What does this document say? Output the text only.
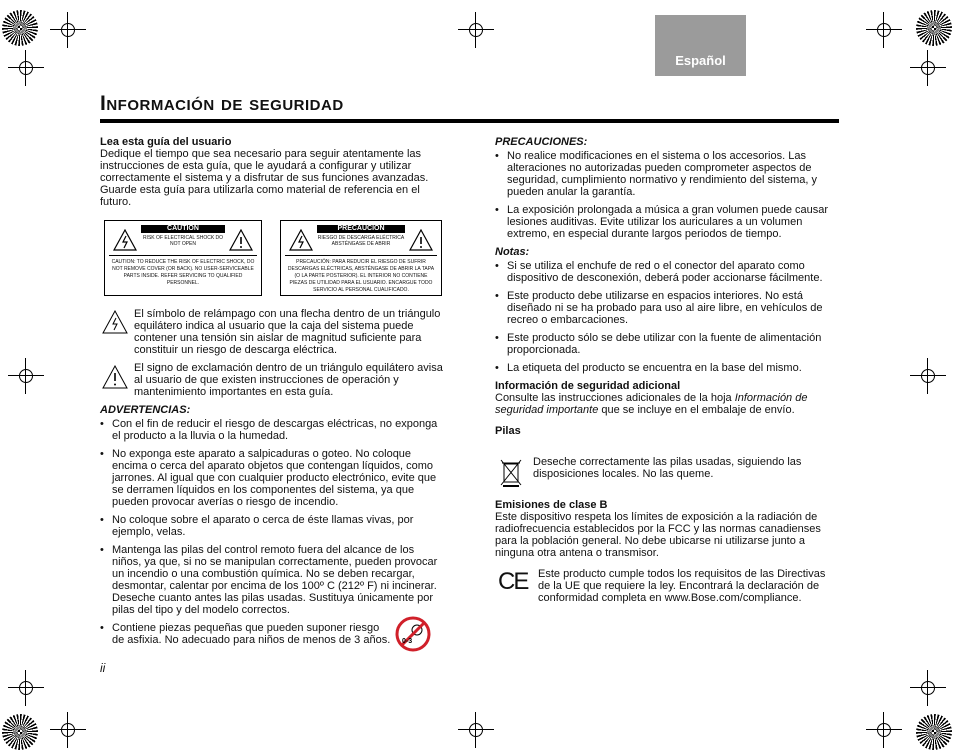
Español
Información de seguridad

Lea esta guía del usuario

Dedique el tiempo que sea necesario para seguir atentamente las instrucciones de esta guía, que le ayudará a configurar y utilizar correctamente el sistema y a disfrutar de sus funciones avanzadas. Guarde esta guía para utilizarla como material de referencia en el futuro.

CAUTION
RISK OF ELECTRICAL SHOCK DO NOT OPEN
CAUTION: TO REDUCE THE RISK OF ELECTRIC SHOCK, DO NOT REMOVE COVER (OR BACK). NO USER-SERVICEABLE PARTS INSIDE. REFER SERVICING TO QUALIFIED PERSONNEL.
PRECAUCIÓN
RIESGO DE DESCARGA ELÉCTRICA ABSTÉNGASE DE ABRIR
PRECAUCIÓN: PARA REDUCIR EL RIESGO DE SUFRIR DESCARGAS ELÉCTRICAS, ABSTÉNGASE DE ABRIR LA TAPA (O LA PARTE POSTERIOR). EL INTERIOR NO CONTIENE PIEZAS DE UTILIDAD PARA EL USUARIO. ENCARGUE TODO SERVICIO AL PERSONAL CUALIFICADO.

El símbolo de relámpago con una flecha dentro de un triángulo equilátero indica al usuario que la caja del sistema puede contener una tensión sin aislar de magnitud suficiente para constituir un riesgo de descarga eléctrica.

El signo de exclamación dentro de un triángulo equilátero avisa al usuario de que existen instrucciones de operación y mantenimiento importantes en esta guía.

ADVERTENCIAS:

• Con el fin de reducir el riesgo de descargas eléctricas, no exponga el producto a la lluvia o la humedad.
• No exponga este aparato a salpicaduras o goteo. No coloque encima o cerca del aparato objetos que contengan líquidos, como jarrones. Al igual que con cualquier producto electrónico, evite que se derramen líquidos en los componentes del sistema, ya que pueden provocar averías o riesgo de incendio.
• No coloque sobre el aparato o cerca de éste llamas vivas, por ejemplo, velas.
• Mantenga las pilas del control remoto fuera del alcance de los niños, ya que, si no se manipulan correctamente, pueden provocar un incendio o una combustión química. No se deben recargar, desmontar, calentar por encima de los 100º C (212º F) ni incinerar. Deseche cuanto antes las pilas usadas. Sustituya únicamente por pilas del tipo y del modelo correctos.
• Contiene piezas pequeñas que pueden suponer riesgo de asfixia. No adecuado para niños de menos de 3 años. 0-3
ii

PRECAUCIONES:

• No realice modificaciones en el sistema o los accesorios. Las alteraciones no autorizadas pueden comprometer aspectos de seguridad, cumplimiento normativo y rendimiento del sistema, y pueden anular la garantía.
• La exposición prolongada a música a gran volumen puede causar lesiones auditivas. Evite utilizar los auriculares a un volumen extremo, en especial durante largos periodos de tiempo.

Notas:

• Si se utiliza el enchufe de red o el conector del aparato como dispositivo de desconexión, deberá poder accionarse fácilmente.
• Este producto debe utilizarse en espacios interiores. No está diseñado ni se ha probado para uso al aire libre, en vehículos de recreo o embarcaciones.
• Este producto sólo se debe utilizar con la fuente de alimentación proporcionada.
• La etiqueta del producto se encuentra en la base del mismo.

Información de seguridad adicional

Consulte las instrucciones adicionales de la hoja Información de seguridad importante que se incluye en el embalaje de envío.

Pilas

Deseche correctamente las pilas usadas, siguiendo las disposiciones locales. No las queme.

Emisiones de clase B

Este dispositivo respeta los límites de exposición a la radiación de radiofrecuencia establecidos por la FCC y las normas canadienses para la población general. No debe ubicarse ni utilizarse junto a ninguna otra antena o transmisor.

CE Este producto cumple todos los requisitos de las Directivas de la UE que requiere la ley. Encontrará la declaración de conformidad completa en www.Bose.com/compliance.
